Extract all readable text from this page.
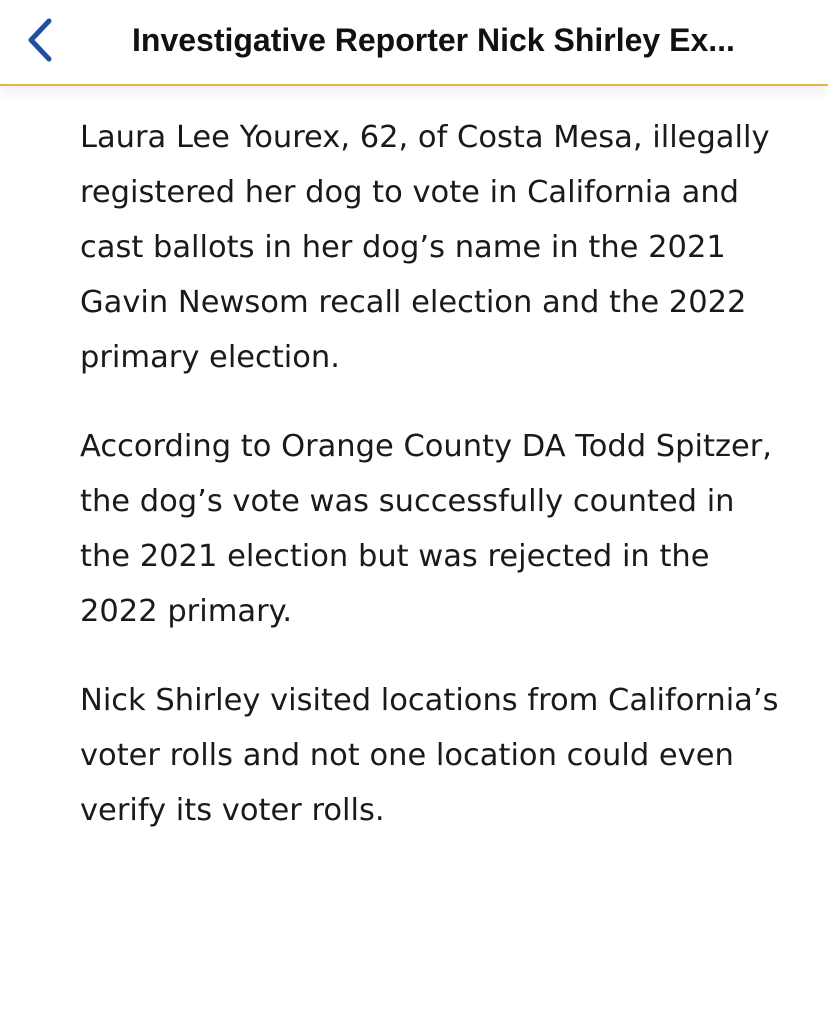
Investigative Reporter Nick Shirley Ex...

Laura Lee Yourex, 62, of Costa Mesa, illegally registered her dog to vote in California and cast ballots in her dog’s name in the 2021 Gavin Newsom recall election and the 2022 primary election.

According to Orange County DA Todd Spitzer, the dog’s vote was successfully counted in the 2021 election but was rejected in the 2022 primary.

Nick Shirley visited locations from California’s voter rolls and not one location could even verify its voter rolls.
